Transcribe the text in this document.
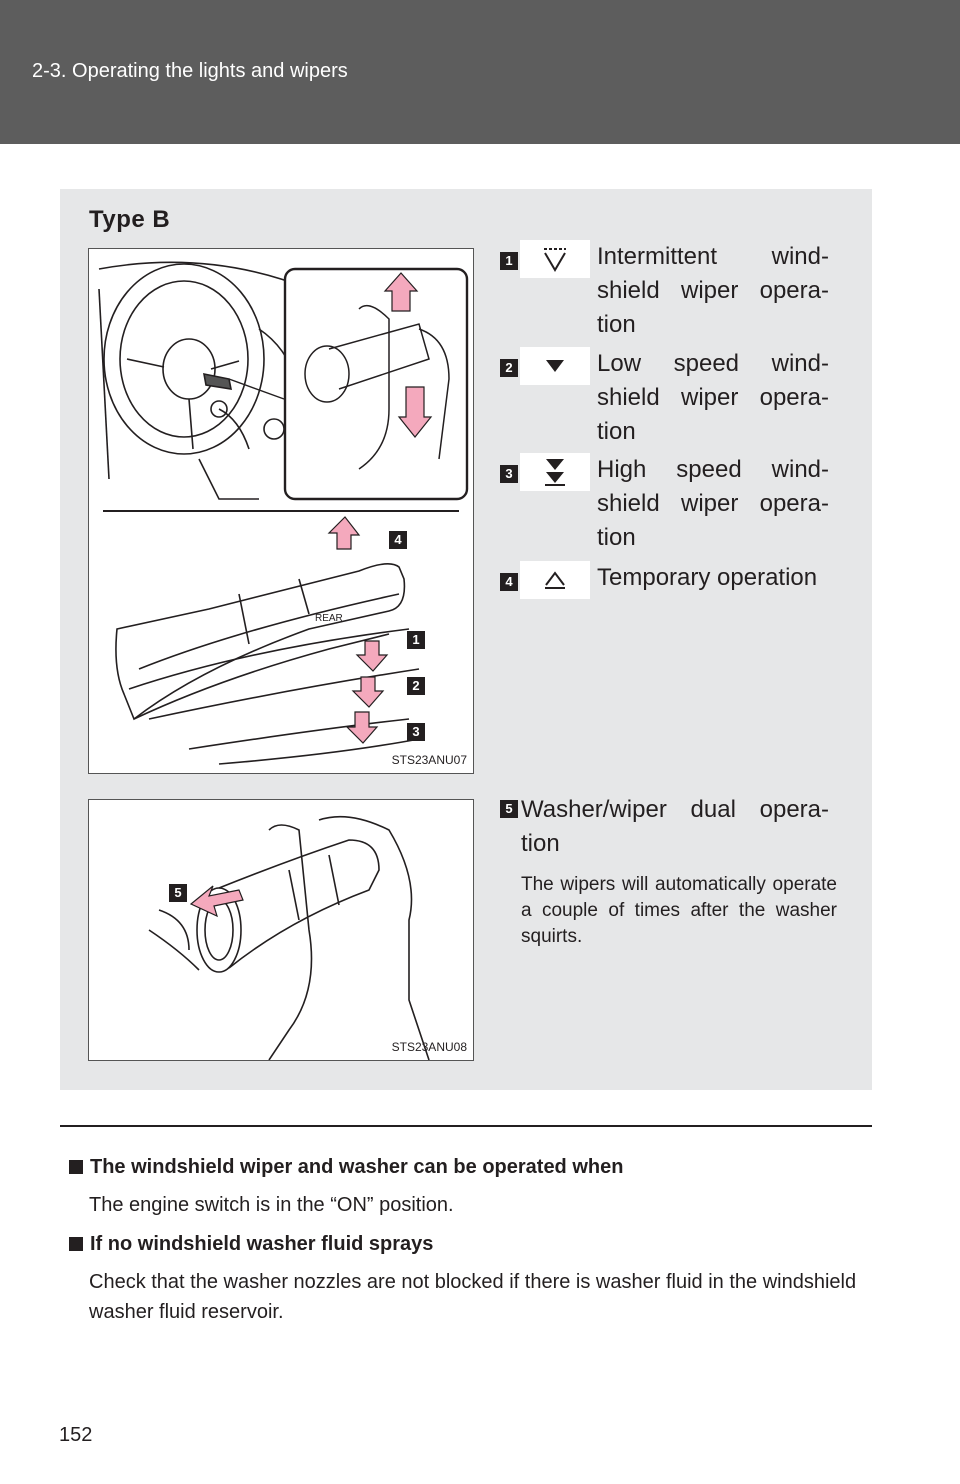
2-3. Operating the lights and wipers
Type B
REAR
4
1
2
3
STS23ANU07
1	Intermittent wind-shield wiper opera-tion
2	Low speed wind-shield wiper opera-tion
3	High speed wind-shield wiper opera-tion
4	Temporary operation
5
STS23ANU08
5 Washer/wiper dual opera-tion
The wipers will automatically operate a couple of times after the washer squirts.
The windshield wiper and washer can be operated when
The engine switch is in the “ON” position.
If no windshield washer fluid sprays
Check that the washer nozzles are not blocked if there is washer fluid in the windshield washer fluid reservoir.
152
